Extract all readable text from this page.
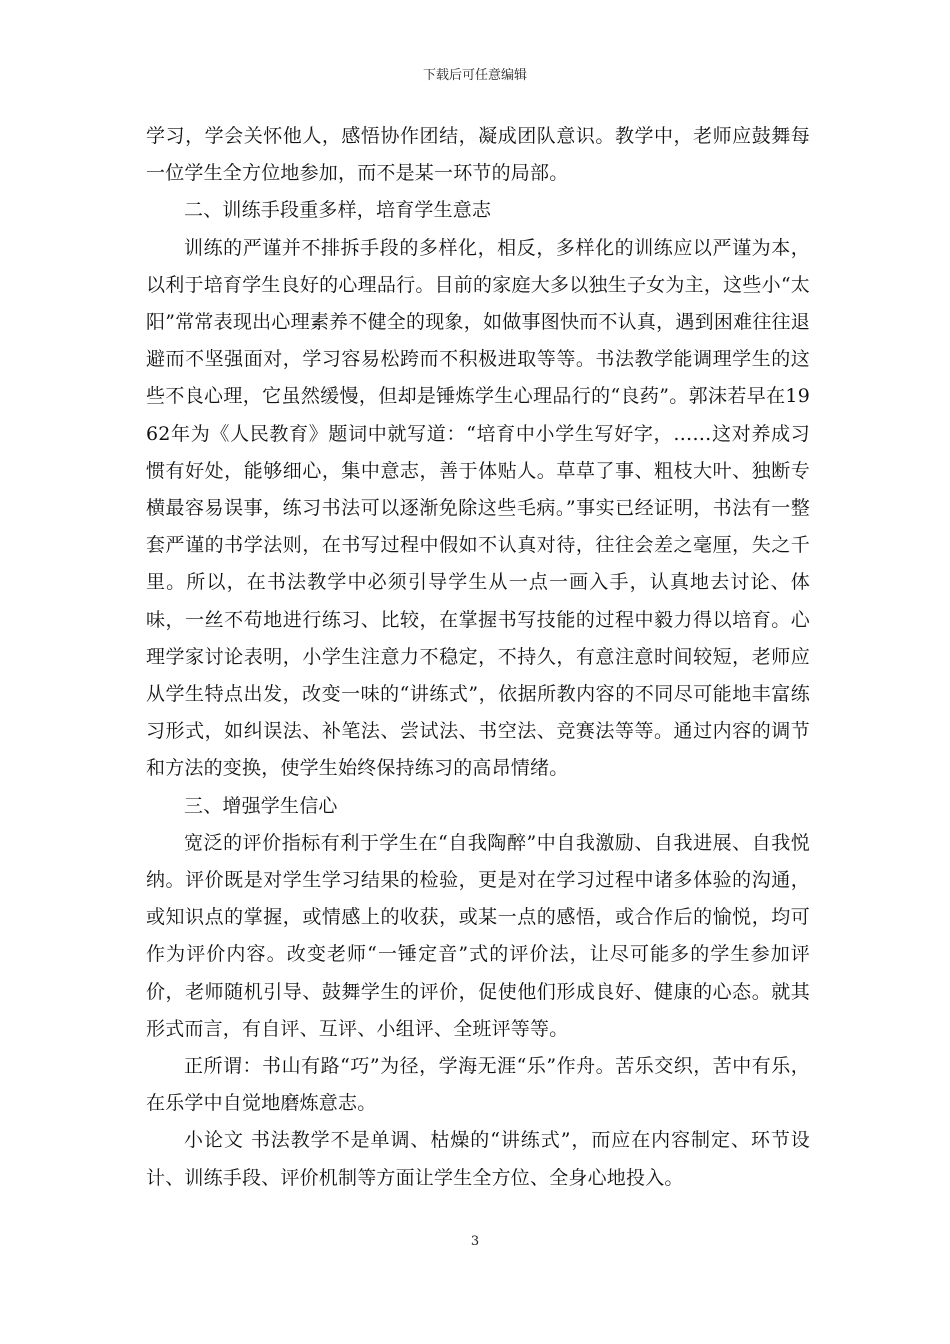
下载后可任意编辑

学习，学会关怀他人，感悟协作团结，凝成团队意识。教学中，老师应鼓舞每一位学生全方位地参加，而不是某一环节的局部。

二、训练手段重多样，培育学生意志

训练的严谨并不排拆手段的多样化，相反，多样化的训练应以严谨为本，以利于培育学生良好的心理品行。目前的家庭大多以独生子女为主，这些小“太阳”常常表现出心理素养不健全的现象，如做事图快而不认真，遇到困难往往退避而不坚强面对，学习容易松跨而不积极进取等等。书法教学能调理学生的这些不良心理，它虽然缓慢，但却是锤炼学生心理品行的“良药”。郭沫若早在1962年为《人民教育》题词中就写道：“培育中小学生写好字，……这对养成习惯有好处，能够细心，集中意志，善于体贴人。草草了事、粗枝大叶、独断专横最容易误事，练习书法可以逐渐免除这些毛病。”事实已经证明，书法有一整套严谨的书学法则，在书写过程中假如不认真对待，往往会差之毫厘，失之千里。所以，在书法教学中必须引导学生从一点一画入手，认真地去讨论、体味，一丝不苟地进行练习、比较，在掌握书写技能的过程中毅力得以培育。心理学家讨论表明，小学生注意力不稳定，不持久，有意注意时间较短，老师应从学生特点出发，改变一味的“讲练式”，依据所教内容的不同尽可能地丰富练习形式，如纠误法、补笔法、尝试法、书空法、竞赛法等等。通过内容的调节和方法的变换，使学生始终保持练习的高昂情绪。

三、增强学生信心

宽泛的评价指标有利于学生在“自我陶醉”中自我激励、自我进展、自我悦纳。评价既是对学生学习结果的检验，更是对在学习过程中诸多体验的沟通，或知识点的掌握，或情感上的收获，或某一点的感悟，或合作后的愉悦，均可作为评价内容。改变老师“一锤定音”式的评价法，让尽可能多的学生参加评价，老师随机引导、鼓舞学生的评价，促使他们形成良好、健康的心态。就其形式而言，有自评、互评、小组评、全班评等等。

正所谓：书山有路“巧”为径，学海无涯“乐”作舟。苦乐交织，苦中有乐，在乐学中自觉地磨炼意志。

小论文 书法教学不是单调、枯燥的“讲练式”，而应在内容制定、环节设计、训练手段、评价机制等方面让学生全方位、全身心地投入。

3
